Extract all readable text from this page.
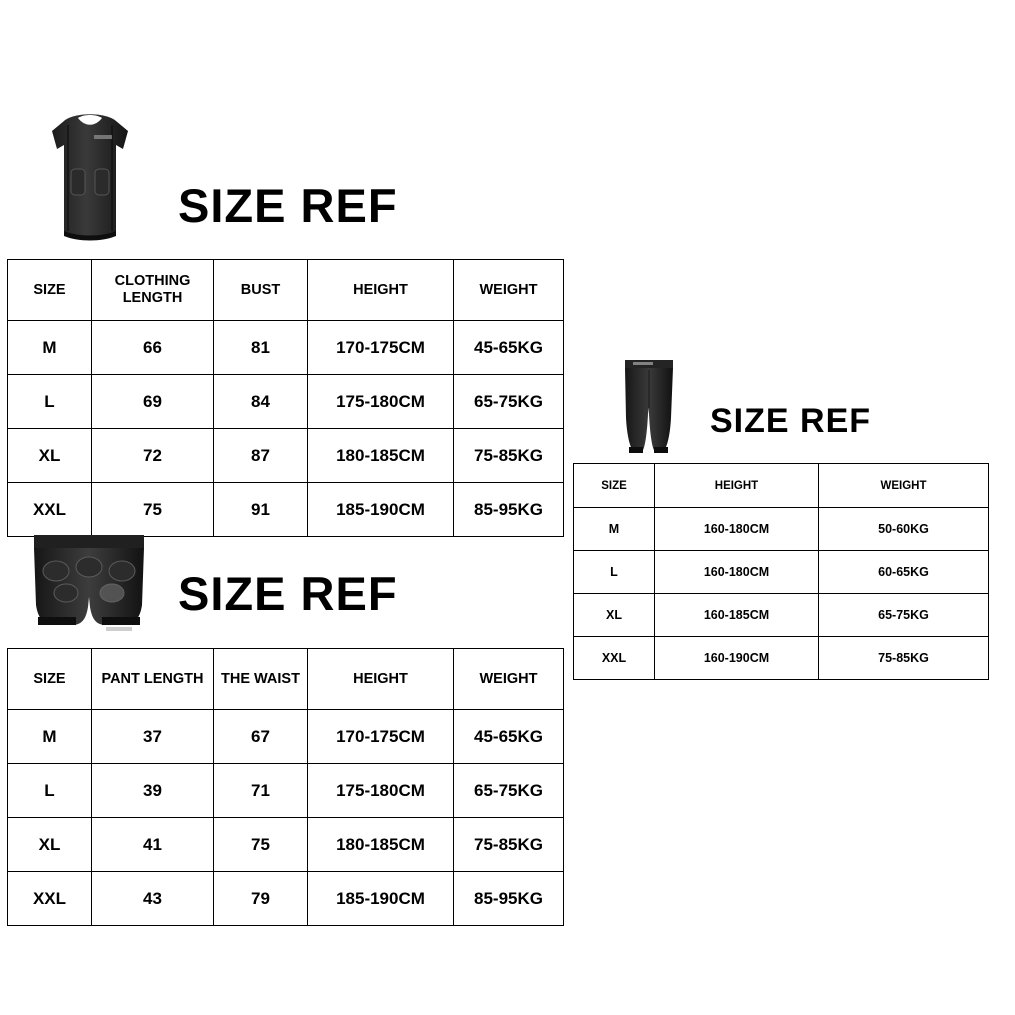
SIZE REF
SIZE	CLOTHING LENGTH	BUST	HEIGHT	WEIGHT
M	66	81	170-175CM	45-65KG
L	69	84	175-180CM	65-75KG
XL	72	87	180-185CM	75-85KG
XXL	75	91	185-190CM	85-95KG
SIZE REF
SIZE	PANT LENGTH	THE WAIST	HEIGHT	WEIGHT
M	37	67	170-175CM	45-65KG
L	39	71	175-180CM	65-75KG
XL	41	75	180-185CM	75-85KG
XXL	43	79	185-190CM	85-95KG
SIZE REF
SIZE	HEIGHT	WEIGHT
M	160-180CM	50-60KG
L	160-180CM	60-65KG
XL	160-185CM	65-75KG
XXL	160-190CM	75-85KG
